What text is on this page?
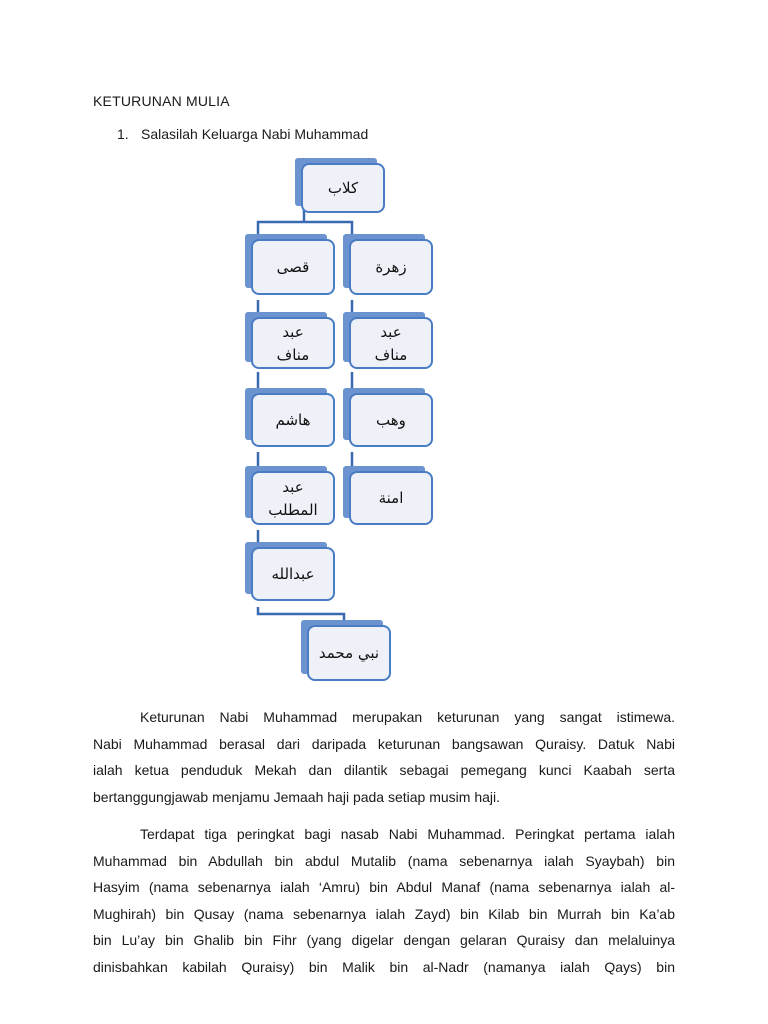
KETURUNAN MULIA
1. Salasilah Keluarga Nabi Muhammad
كلاب
قصى
عبد
مناف
هاشم
عبد
المطلب
عبدالله
زهرة
عبد
مناف
وهب
امنة
نبي محمد
Keturunan Nabi Muhammad merupakan keturunan yang sangat istimewa.
Nabi Muhammad berasal dari daripada keturunan bangsawan Quraisy. Datuk Nabi
ialah ketua penduduk Mekah dan dilantik sebagai pemegang kunci Kaabah serta
bertanggungjawab menjamu Jemaah haji pada setiap musim haji.
Terdapat tiga peringkat bagi nasab Nabi Muhammad. Peringkat pertama ialah
Muhammad bin Abdullah bin abdul Mutalib (nama sebenarnya ialah Syaybah) bin
Hasyim (nama sebenarnya ialah ‘Amru) bin Abdul Manaf (nama sebenarnya ialah al-
Mughirah) bin Qusay (nama sebenarnya ialah Zayd) bin Kilab bin Murrah bin Ka’ab
bin Lu’ay bin Ghalib bin Fihr (yang digelar dengan gelaran Quraisy dan melaluinya
dinisbahkan kabilah Quraisy) bin Malik bin al-Nadr (namanya ialah Qays) bin
